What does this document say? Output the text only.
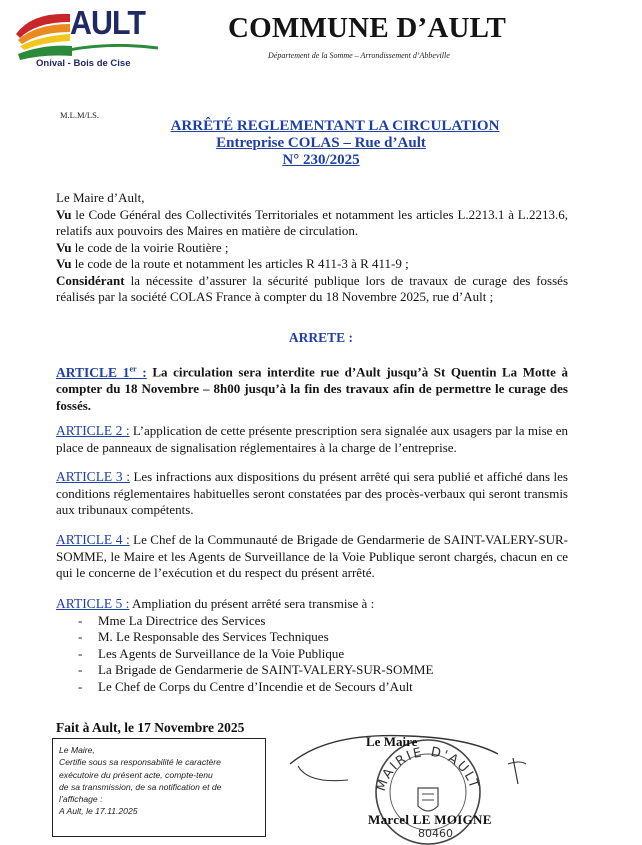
AULT
Onival - Bois de Cise
COMMUNE D’AULT
Département de la Somme – Arrondissement d’Abbeville
M.L.M/LS.
ARRÊTÉ REGLEMENTANT LA CIRCULATION
Entreprise COLAS – Rue d’Ault
N° 230/2025
Le Maire d’Ault,
Vu le Code Général des Collectivités Territoriales et notamment les articles L.2213.1 à L.2213.6, relatifs aux pouvoirs des Maires en matière de circulation.
Vu le code de la voirie Routière ;
Vu le code de la route et notamment les articles R 411-3 à R 411-9 ;
Considérant la nécessite d’assurer la sécurité publique lors de travaux de curage des fossés réalisés par la société COLAS France à compter du 18 Novembre 2025, rue d’Ault ;
ARRETE :
ARTICLE 1er : La circulation sera interdite rue d’Ault jusqu’à St Quentin La Motte à compter du 18 Novembre – 8h00 jusqu’à la fin des travaux afin de permettre le curage des fossés.
ARTICLE 2 : L’application de cette présente prescription sera signalée aux usagers par la mise en place de panneaux de signalisation réglementaires à la charge de l’entreprise.
ARTICLE 3 : Les infractions aux dispositions du présent arrêté qui sera publié et affiché dans les conditions réglementaires habituelles seront constatées par des procès-verbaux qui seront transmis aux tribunaux compétents.
ARTICLE 4 : Le Chef de la Communauté de Brigade de Gendarmerie de SAINT-VALERY-SUR-SOMME, le Maire et les Agents de Surveillance de la Voie Publique seront chargés, chacun en ce qui le concerne de l’exécution et du respect du présent arrêté.
ARTICLE 5 : Ampliation du présent arrêté sera transmise à :
- Mme La Directrice des Services
- M. Le Responsable des Services Techniques
- Les Agents de Surveillance de la Voie Publique
- La Brigade de Gendarmerie de SAINT-VALERY-SUR-SOMME
- Le Chef de Corps du Centre d’Incendie et de Secours d’Ault
Fait à Ault, le 17 Novembre 2025
Le Maire,
Certifie sous sa responsabilité le caractère
exécutoire du présent acte, compte-tenu
de sa transmission, de sa notification et de
l’affichage :
A Ault, le 17.11.2025
MAIRIE D'AULT
80460
Le Maire
Marcel LE MOIGNE
